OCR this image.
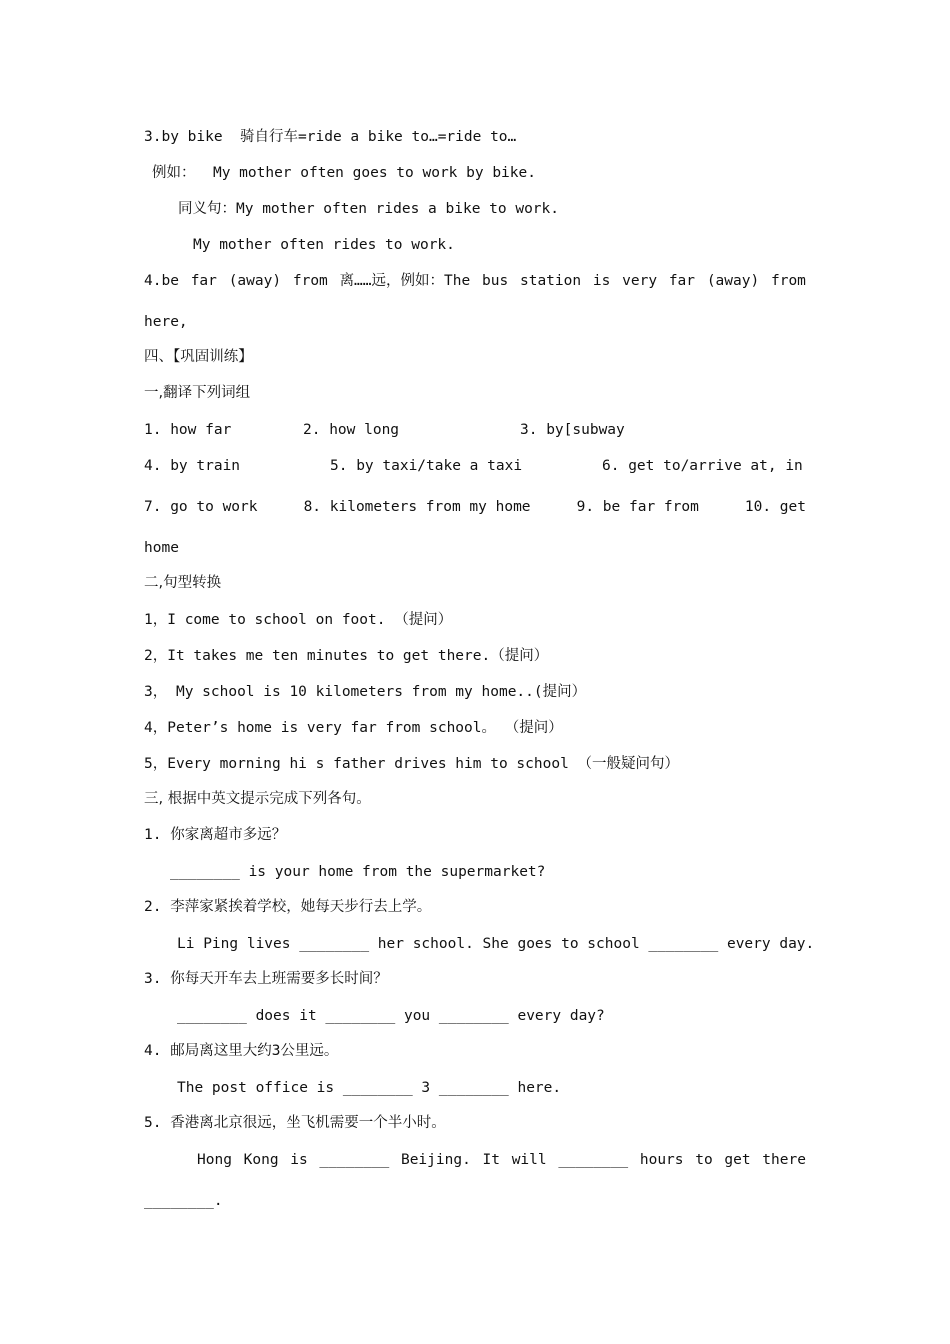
3.by bike  骑自行车=ride a bike to…=ride to…
例如： My mother often goes to work by bike.
同义句：My mother often rides a bike to work.
My mother often rides to work.
4.be far (away) from 离……远，例如：The bus station is very far (away) from
here,
四、【巩固训练】
一,翻译下列词组
1. how far	2. how long	3. by[subway
4. by train	5. by taxi/take a taxi	6. get to/arrive at, in
7. go to work	8. kilometers from my home	9. be far from	10. get
home
二,句型转换
1，I come to school on foot. （提问）
2，It takes me ten minutes to get there.（提问）
3， My school is 10 kilometers from my home..(提问）
4，Peter’s home is very far from school。 （提问）
5，Every morning hi s father drives him to school （一般疑问句）
三, 根据中英文提示完成下列各句。
1. 你家离超市多远？
________ is your home from the supermarket?
2. 李萍家紧挨着学校，她每天步行去上学。
Li Ping lives ________ her school. She goes to school ________ every day.
3. 你每天开车去上班需要多长时间？
________ does it ________ you ________ every day?
4. 邮局离这里大约3公里远。
The post office is ________ 3 ________ here.
5. 香港离北京很远，坐飞机需要一个半小时。
Hong Kong is ________ Beijing. It will ________ hours to get there
________.
